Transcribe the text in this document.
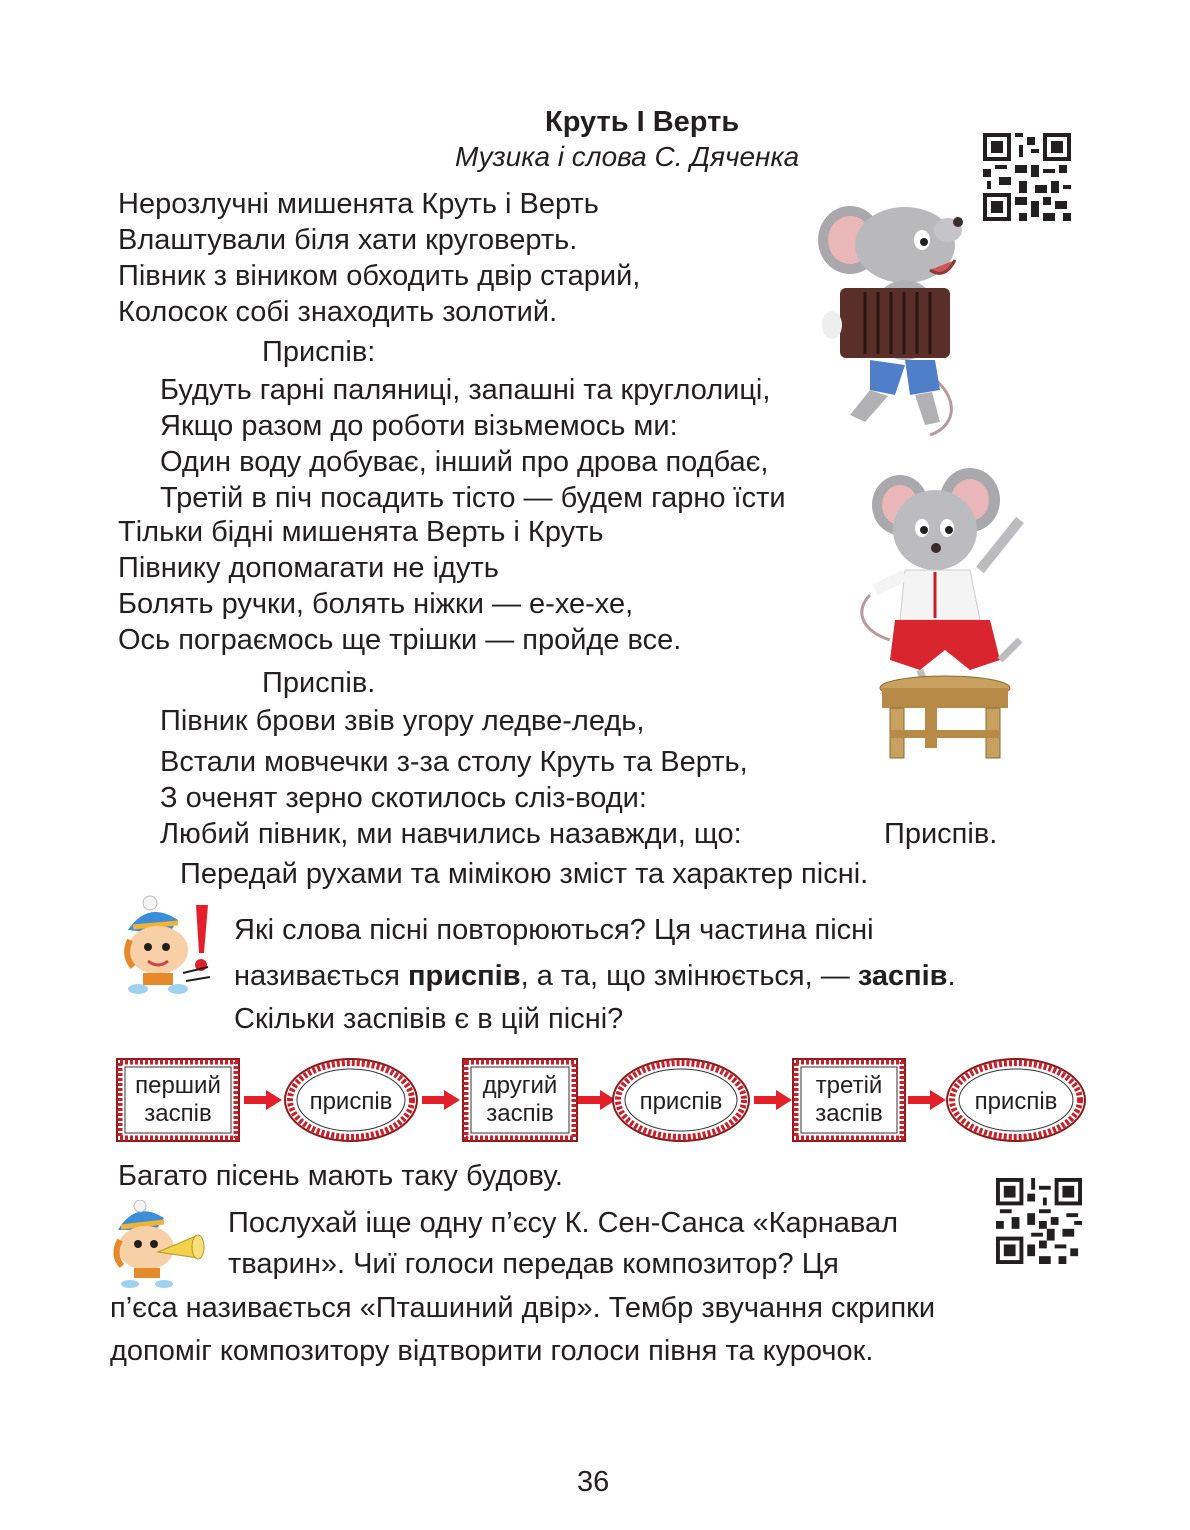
Круть І Верть
Музика і слова С. Дяченка
Нерозлучні мишенята Круть і Верть
Влаштували біля хати круговерть.
Півник з віником обходить двір старий,
Колосок собі знаходить золотий.
Приспів:
Будуть гарні паляниці, запашні та круглолиці,
Якщо разом до роботи візьмемось ми:
Один воду добуває, інший про дрова подбає,
Третій в піч посадить тісто — будем гарно їсти
Тільки бідні мишенята Верть і Круть
Півнику допомагати не ідуть
Болять ручки, болять ніжки — е-хе-хе,
Ось пограємось ще трішки — пройде все.
Приспів.
Півник брови звів угору ледве-ледь,
Встали мовчечки з-за столу Круть та Верть,
З оченят зерно скотилось сліз-води:
Любий півник, ми навчились назавжди, що:	Приспів.
Передай рухами та мімікою зміст та характер пісні.
Які слова пісні повторюються? Ця частина пісні
називається приспів, а та, що змінюється, — заспів.
Скільки заспівів є в цій пісні?
перший
заспів	приспів
другий
заспів	приспів
третій
заспів	приспів
Багато пісень мають таку будову.
Послухай іще одну п’єсу К. Сен-Санса «Карнавал
тварин». Чиї голоси передав композитор? Ця
п’єса називається «Пташиний двір». Тембр звучання скрипки
допоміг композитору відтворити голоси півня та курочок.
36
